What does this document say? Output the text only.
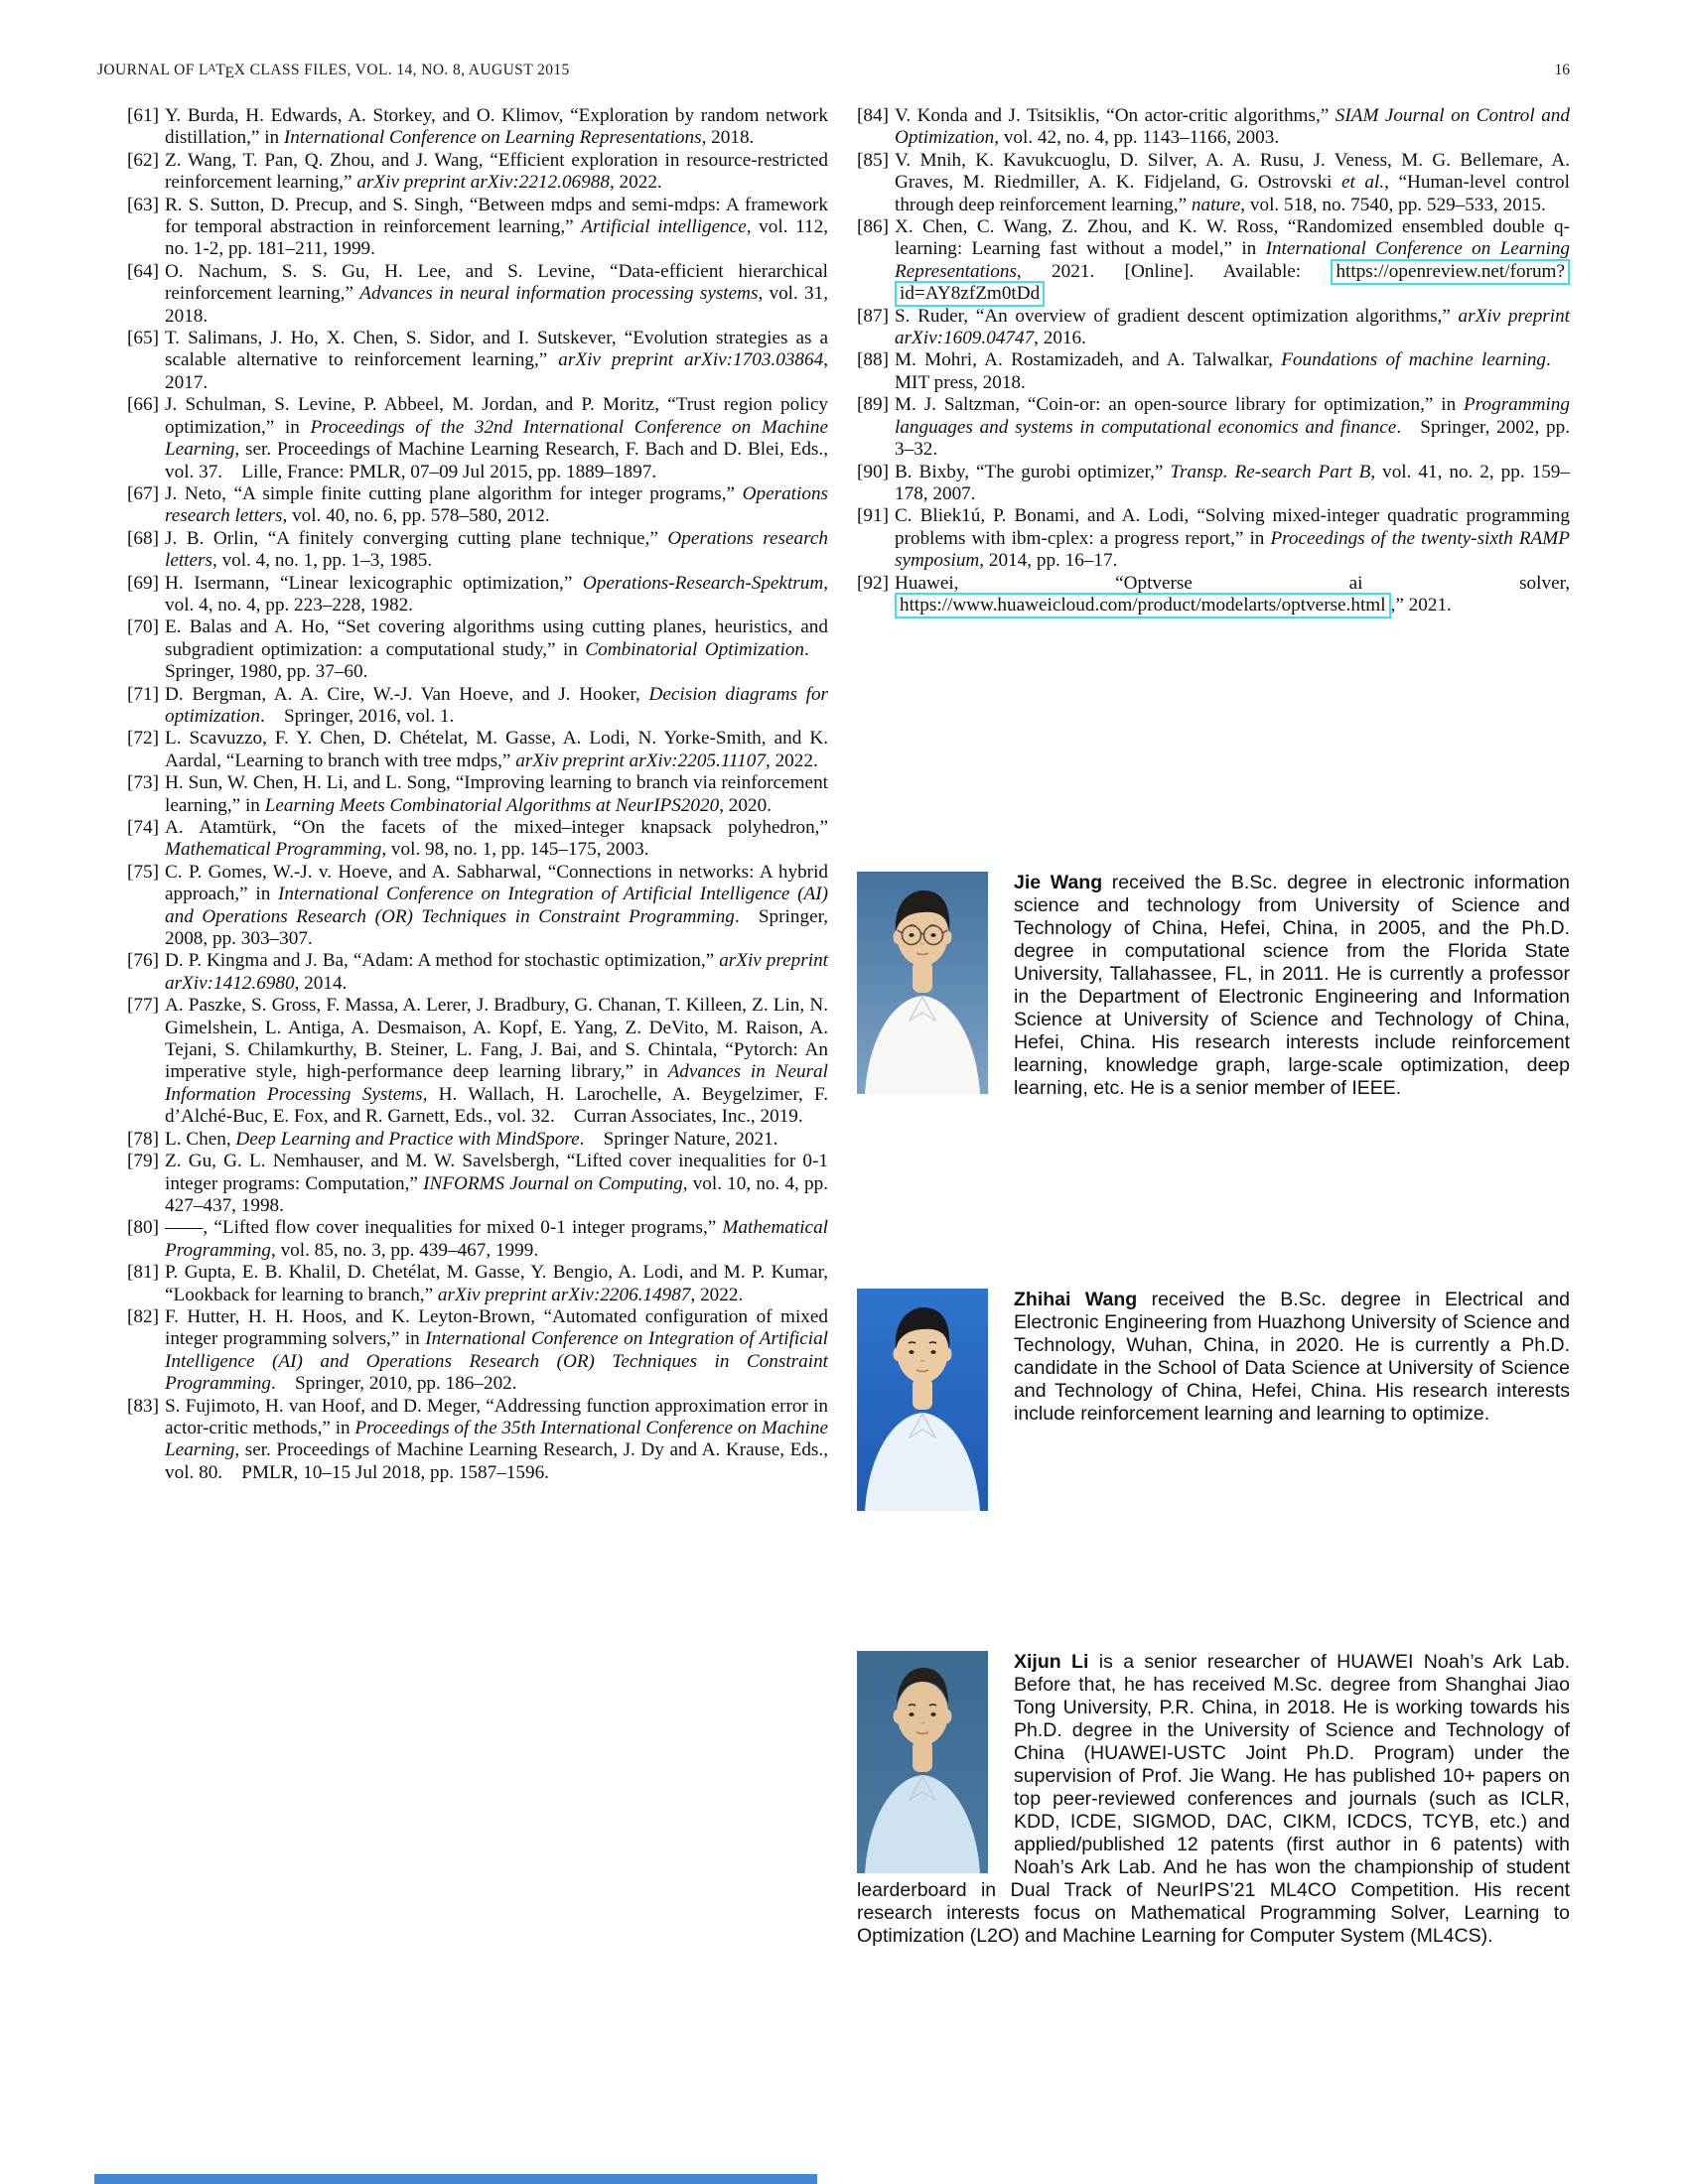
JOURNAL OF $L^ATEX$ CLASS FILES, VOL. 14, NO. 8, AUGUST 2015	16
[61] Y. Burda, H. Edwards, A. Storkey, and O. Klimov, “Exploration by random network distillation,” in International Conference on Learning Representations, 2018.
[62] Z. Wang, T. Pan, Q. Zhou, and J. Wang, “Efficient exploration in resource-restricted reinforcement learning,” arXiv preprint arXiv:2212.06988, 2022.
[63] R. S. Sutton, D. Precup, and S. Singh, “Between mdps and semi-mdps: A framework for temporal abstraction in reinforcement learning,” Artificial intelligence, vol. 112, no. 1-2, pp. 181–211, 1999.
[64] O. Nachum, S. S. Gu, H. Lee, and S. Levine, “Data-efficient hierarchical reinforcement learning,” Advances in neural information processing systems, vol. 31, 2018.
[65] T. Salimans, J. Ho, X. Chen, S. Sidor, and I. Sutskever, “Evolution strategies as a scalable alternative to reinforcement learning,” arXiv preprint arXiv:1703.03864, 2017.
[66] J. Schulman, S. Levine, P. Abbeel, M. Jordan, and P. Moritz, “Trust region policy optimization,” in Proceedings of the 32nd International Conference on Machine Learning, ser. Proceedings of Machine Learning Research, F. Bach and D. Blei, Eds., vol. 37.  Lille, France: PMLR, 07–09 Jul 2015, pp. 1889–1897.
[67] J. Neto, “A simple finite cutting plane algorithm for integer programs,” Operations research letters, vol. 40, no. 6, pp. 578–580, 2012.
[68] J. B. Orlin, “A finitely converging cutting plane technique,” Operations research letters, vol. 4, no. 1, pp. 1–3, 1985.
[69] H. Isermann, “Linear lexicographic optimization,” Operations-Research-Spektrum, vol. 4, no. 4, pp. 223–228, 1982.
[70] E. Balas and A. Ho, “Set covering algorithms using cutting planes, heuristics, and subgradient optimization: a computational study,” in Combinatorial Optimization.  Springer, 1980, pp. 37–60.
[71] D. Bergman, A. A. Cire, W.-J. Van Hoeve, and J. Hooker, Decision diagrams for optimization.  Springer, 2016, vol. 1.
[72] L. Scavuzzo, F. Y. Chen, D. Chételat, M. Gasse, A. Lodi, N. Yorke-Smith, and K. Aardal, “Learning to branch with tree mdps,” arXiv preprint arXiv:2205.11107, 2022.
[73] H. Sun, W. Chen, H. Li, and L. Song, “Improving learning to branch via reinforcement learning,” in Learning Meets Combinatorial Algorithms at NeurIPS2020, 2020.
[74] A. Atamtürk, “On the facets of the mixed–integer knapsack polyhedron,” Mathematical Programming, vol. 98, no. 1, pp. 145–175, 2003.
[75] C. P. Gomes, W.-J. v. Hoeve, and A. Sabharwal, “Connections in networks: A hybrid approach,” in International Conference on Integration of Artificial Intelligence (AI) and Operations Research (OR) Techniques in Constraint Programming.  Springer, 2008, pp. 303–307.
[76] D. P. Kingma and J. Ba, “Adam: A method for stochastic optimization,” arXiv preprint arXiv:1412.6980, 2014.
[77] A. Paszke, S. Gross, F. Massa, A. Lerer, J. Bradbury, G. Chanan, T. Killeen, Z. Lin, N. Gimelshein, L. Antiga, A. Desmaison, A. Kopf, E. Yang, Z. DeVito, M. Raison, A. Tejani, S. Chilamkurthy, B. Steiner, L. Fang, J. Bai, and S. Chintala, “Pytorch: An imperative style, high-performance deep learning library,” in Advances in Neural Information Processing Systems, H. Wallach, H. Larochelle, A. Beygelzimer, F. d’Alché-Buc, E. Fox, and R. Garnett, Eds., vol. 32.  Curran Associates, Inc., 2019.
[78] L. Chen, Deep Learning and Practice with MindSpore.  Springer Nature, 2021.
[79] Z. Gu, G. L. Nemhauser, and M. W. Savelsbergh, “Lifted cover inequalities for 0-1 integer programs: Computation,” INFORMS Journal on Computing, vol. 10, no. 4, pp. 427–437, 1998.
[80] ——, “Lifted flow cover inequalities for mixed 0-1 integer programs,” Mathematical Programming, vol. 85, no. 3, pp. 439–467, 1999.
[81] P. Gupta, E. B. Khalil, D. Chetélat, M. Gasse, Y. Bengio, A. Lodi, and M. P. Kumar, “Lookback for learning to branch,” arXiv preprint arXiv:2206.14987, 2022.
[82] F. Hutter, H. H. Hoos, and K. Leyton-Brown, “Automated configuration of mixed integer programming solvers,” in International Conference on Integration of Artificial Intelligence (AI) and Operations Research (OR) Techniques in Constraint Programming.  Springer, 2010, pp. 186–202.
[83] S. Fujimoto, H. van Hoof, and D. Meger, “Addressing function approximation error in actor-critic methods,” in Proceedings of the 35th International Conference on Machine Learning, ser. Proceedings of Machine Learning Research, J. Dy and A. Krause, Eds., vol. 80.  PMLR, 10–15 Jul 2018, pp. 1587–1596.
[84] V. Konda and J. Tsitsiklis, “On actor-critic algorithms,” SIAM Journal on Control and Optimization, vol. 42, no. 4, pp. 1143–1166, 2003.
[85] V. Mnih, K. Kavukcuoglu, D. Silver, A. A. Rusu, J. Veness, M. G. Bellemare, A. Graves, M. Riedmiller, A. K. Fidjeland, G. Ostrovski et al., “Human-level control through deep reinforcement learning,” nature, vol. 518, no. 7540, pp. 529–533, 2015.
[86] X. Chen, C. Wang, Z. Zhou, and K. W. Ross, “Randomized ensembled double q-learning: Learning fast without a model,” in International Conference on Learning Representations, 2021. [Online]. Available: https://openreview.net/forum?id=AY8zfZm0tDd
[87] S. Ruder, “An overview of gradient descent optimization algorithms,” arXiv preprint arXiv:1609.04747, 2016.
[88] M. Mohri, A. Rostamizadeh, and A. Talwalkar, Foundations of machine learning.  MIT press, 2018.
[89] M. J. Saltzman, “Coin-or: an open-source library for optimization,” in Programming languages and systems in computational economics and finance.  Springer, 2002, pp. 3–32.
[90] B. Bixby, “The gurobi optimizer,” Transp. Re-search Part B, vol. 41, no. 2, pp. 159–178, 2007.
[91] C. Bliek1ú, P. Bonami, and A. Lodi, “Solving mixed-integer quadratic programming problems with ibm-cplex: a progress report,” in Proceedings of the twenty-sixth RAMP symposium, 2014, pp. 16–17.
[92] Huawei, “Optverse ai solver, https://www.huaweicloud.com/product/modelarts/optverse.html ,” 2021.

Jie Wang received the B.Sc. degree in electronic information science and technology from University of Science and Technology of China, Hefei, China, in 2005, and the Ph.D. degree in computational science from the Florida State University, Tallahassee, FL, in 2011. He is currently a professor in the Department of Electronic Engineering and Information Science at University of Science and Technology of China, Hefei, China. His research interests include reinforcement learning, knowledge graph, large-scale optimization, deep learning, etc. He is a senior member of IEEE.

Zhihai Wang received the B.Sc. degree in Electrical and Electronic Engineering from Huazhong University of Science and Technology, Wuhan, China, in 2020. He is currently a Ph.D. candidate in the School of Data Science at University of Science and Technology of China, Hefei, China. His research interests include reinforcement learning and learning to optimize.

Xijun Li is a senior researcher of HUAWEI Noah’s Ark Lab. Before that, he has received M.Sc. degree from Shanghai Jiao Tong University, P.R. China, in 2018. He is working towards his Ph.D. degree in the University of Science and Technology of China (HUAWEI-USTC Joint Ph.D. Program) under the supervision of Prof. Jie Wang. He has published 10+ papers on top peer-reviewed conferences and journals (such as ICLR, KDD, ICDE, SIGMOD, DAC, CIKM, ICDCS, TCYB, etc.) and applied/published 12 patents (first author in 6 patents) with Noah’s Ark Lab. And he has won the championship of student learderboard in Dual Track of NeurIPS’21 ML4CO Competition. His recent research interests focus on Mathematical Programming Solver, Learning to Optimization (L2O) and Machine Learning for Computer System (ML4CS).
